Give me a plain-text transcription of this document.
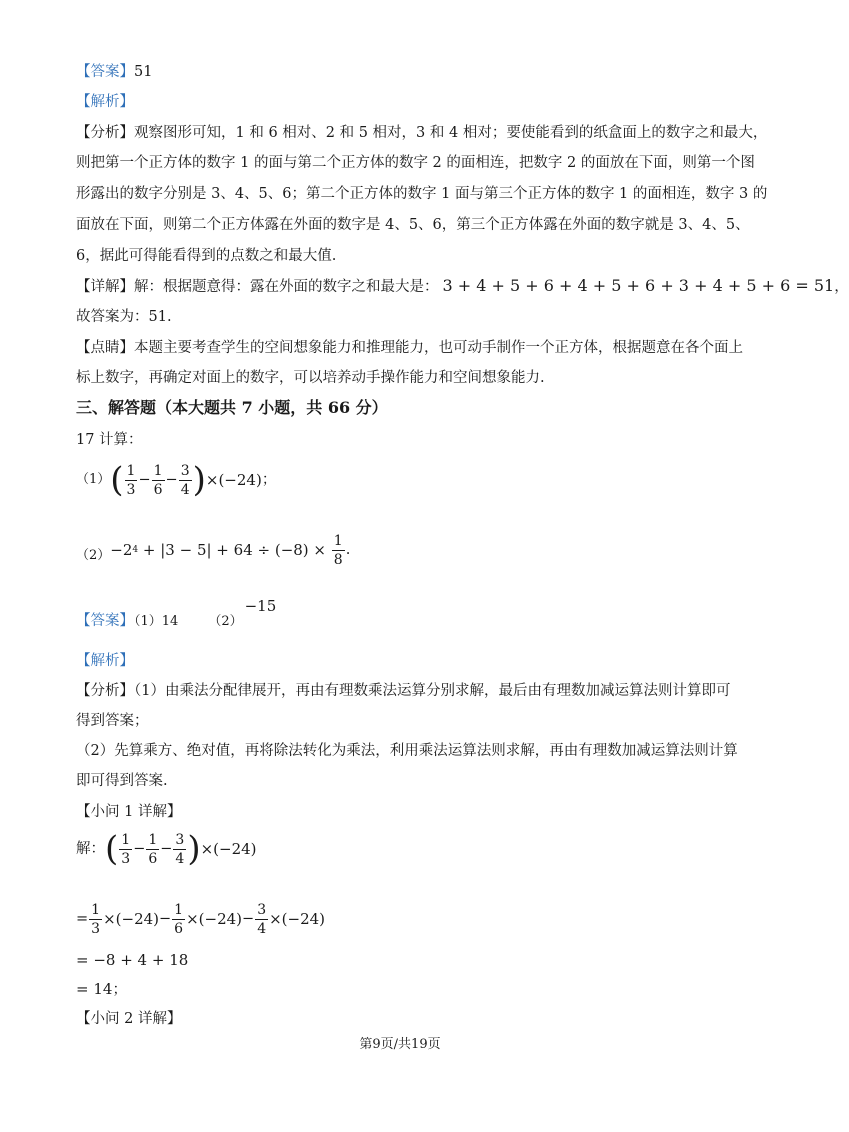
【答案】51
【解析】
【分析】观察图形可知，1 和 6 相对、2 和 5 相对，3 和 4 相对；要使能看到的纸盒面上的数字之和最大，
则把第一个正方体的数字 1 的面与第二个正方体的数字 2 的面相连，把数字 2 的面放在下面，则第一个图
形露出的数字分别是 3、4、5、6；第二个正方体的数字 1 面与第三个正方体的数字 1 的面相连，数字 3 的
面放在下面，则第二个正方体露在外面的数字是 4、5、6，第三个正方体露在外面的数字就是 3、4、5、
6，据此可得能看得到的点数之和最大值.
【详解】解：根据题意得：露在外面的数字之和最大是： 3 + 4 + 5 + 6 + 4 + 5 + 6 + 3 + 4 + 5 + 6 = 51，
故答案为：51.
【点睛】本题主要考查学生的空间想象能力和推理能力，也可动手制作一个正方体，根据题意在各个面上
标上数字，再确定对面上的数字，可以培养动手操作能力和空间想象能力.
三、解答题（本大题共 7 小题，共 66 分）
17 计算：
（1） ( $\frac{1}{3} - \frac{1}{6} - \frac{3}{4}$ ) ×(−24) ；
（2） −2 $4 + |3 - 5| + 64 \div (-8) \times \frac{1}{8}$ .
【答案】（1）14 （2）−15
【解析】
【分析】（1）由乘法分配律展开，再由有理数乘法运算分别求解，最后由有理数加减运算法则计算即可
得到答案；
（2）先算乘方、绝对值，再将除法转化为乘法，利用乘法运算法则求解，再由有理数加减运算法则计算
即可得到答案.
【小问 1 详解】
解： ( $\frac{1}{3} - \frac{1}{6} - \frac{3}{4}$ ) ×(−24)
= $\frac{1}{3} \times(-24) - \frac{1}{6} \times(-24) - \frac{3}{4} \times(-24)$
= −8 + 4 + 18
= 14；
【小问 2 详解】
第9页/共19页
